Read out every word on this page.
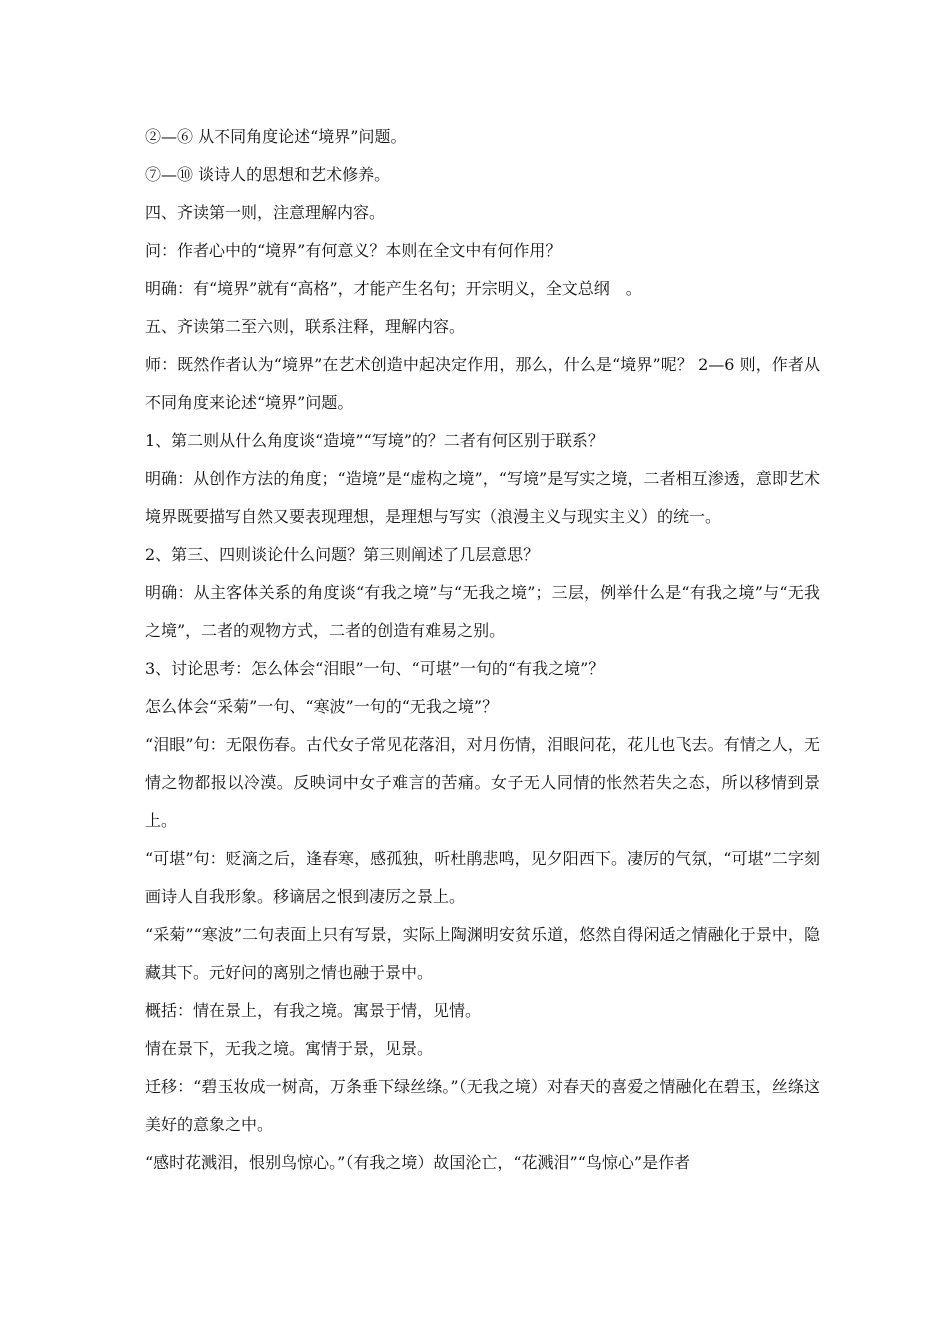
②—⑥ 从不同角度论述“境界”问题。

⑦—⑩ 谈诗人的思想和艺术修养。

四、齐读第一则，注意理解内容。

问：作者心中的“境界”有何意义？本则在全文中有何作用？

明确：有“境界”就有“高格”，才能产生名句；开宗明义，全文总纲　。

五、齐读第二至六则，联系注释，理解内容。

师：既然作者认为“境界”在艺术创造中起决定作用，那么，什么是“境界”呢？ 2—6 则，作者从不同角度来论述“境界”问题。

1、第二则从什么角度谈“造境”“写境”的？二者有何区别于联系？

明确：从创作方法的角度；“造境”是“虚构之境”，“写境”是写实之境，二者相互渗透，意即艺术境界既要描写自然又要表现理想，是理想与写实（浪漫主义与现实主义）的统一。

2、第三、四则谈论什么问题？第三则阐述了几层意思？

明确：从主客体关系的角度谈“有我之境”与“无我之境”；三层，例举什么是“有我之境”与“无我之境”，二者的观物方式，二者的创造有难易之别。

3、讨论思考：怎么体会“泪眼”一句、“可堪”一句的“有我之境”？

怎么体会“采菊”一句、“寒波”一句的“无我之境”？

“泪眼”句：无限伤春。古代女子常见花落泪，对月伤情，泪眼问花，花儿也飞去。有情之人，无情之物都报以冷漠。反映词中女子难言的苦痛。女子无人同情的怅然若失之态，所以移情到景上。

“可堪”句：贬滴之后，逢春寒，感孤独，听杜鹃悲鸣，见夕阳西下。凄厉的气氛，“可堪”二字刻画诗人自我形象。移谪居之恨到凄厉之景上。

“采菊”“寒波”二句表面上只有写景，实际上陶渊明安贫乐道，悠然自得闲适之情融化于景中，隐藏其下。元好问的离别之情也融于景中。

概括：情在景上，有我之境。寓景于情，见情。

情在景下，无我之境。寓情于景，见景。

迁移：“碧玉妆成一树高，万条垂下绿丝绦。”（无我之境）对春天的喜爱之情融化在碧玉，丝绦这美好的意象之中。

“感时花溅泪，恨别鸟惊心。”（有我之境）故国沦亡，“花溅泪”“鸟惊心”是作者
